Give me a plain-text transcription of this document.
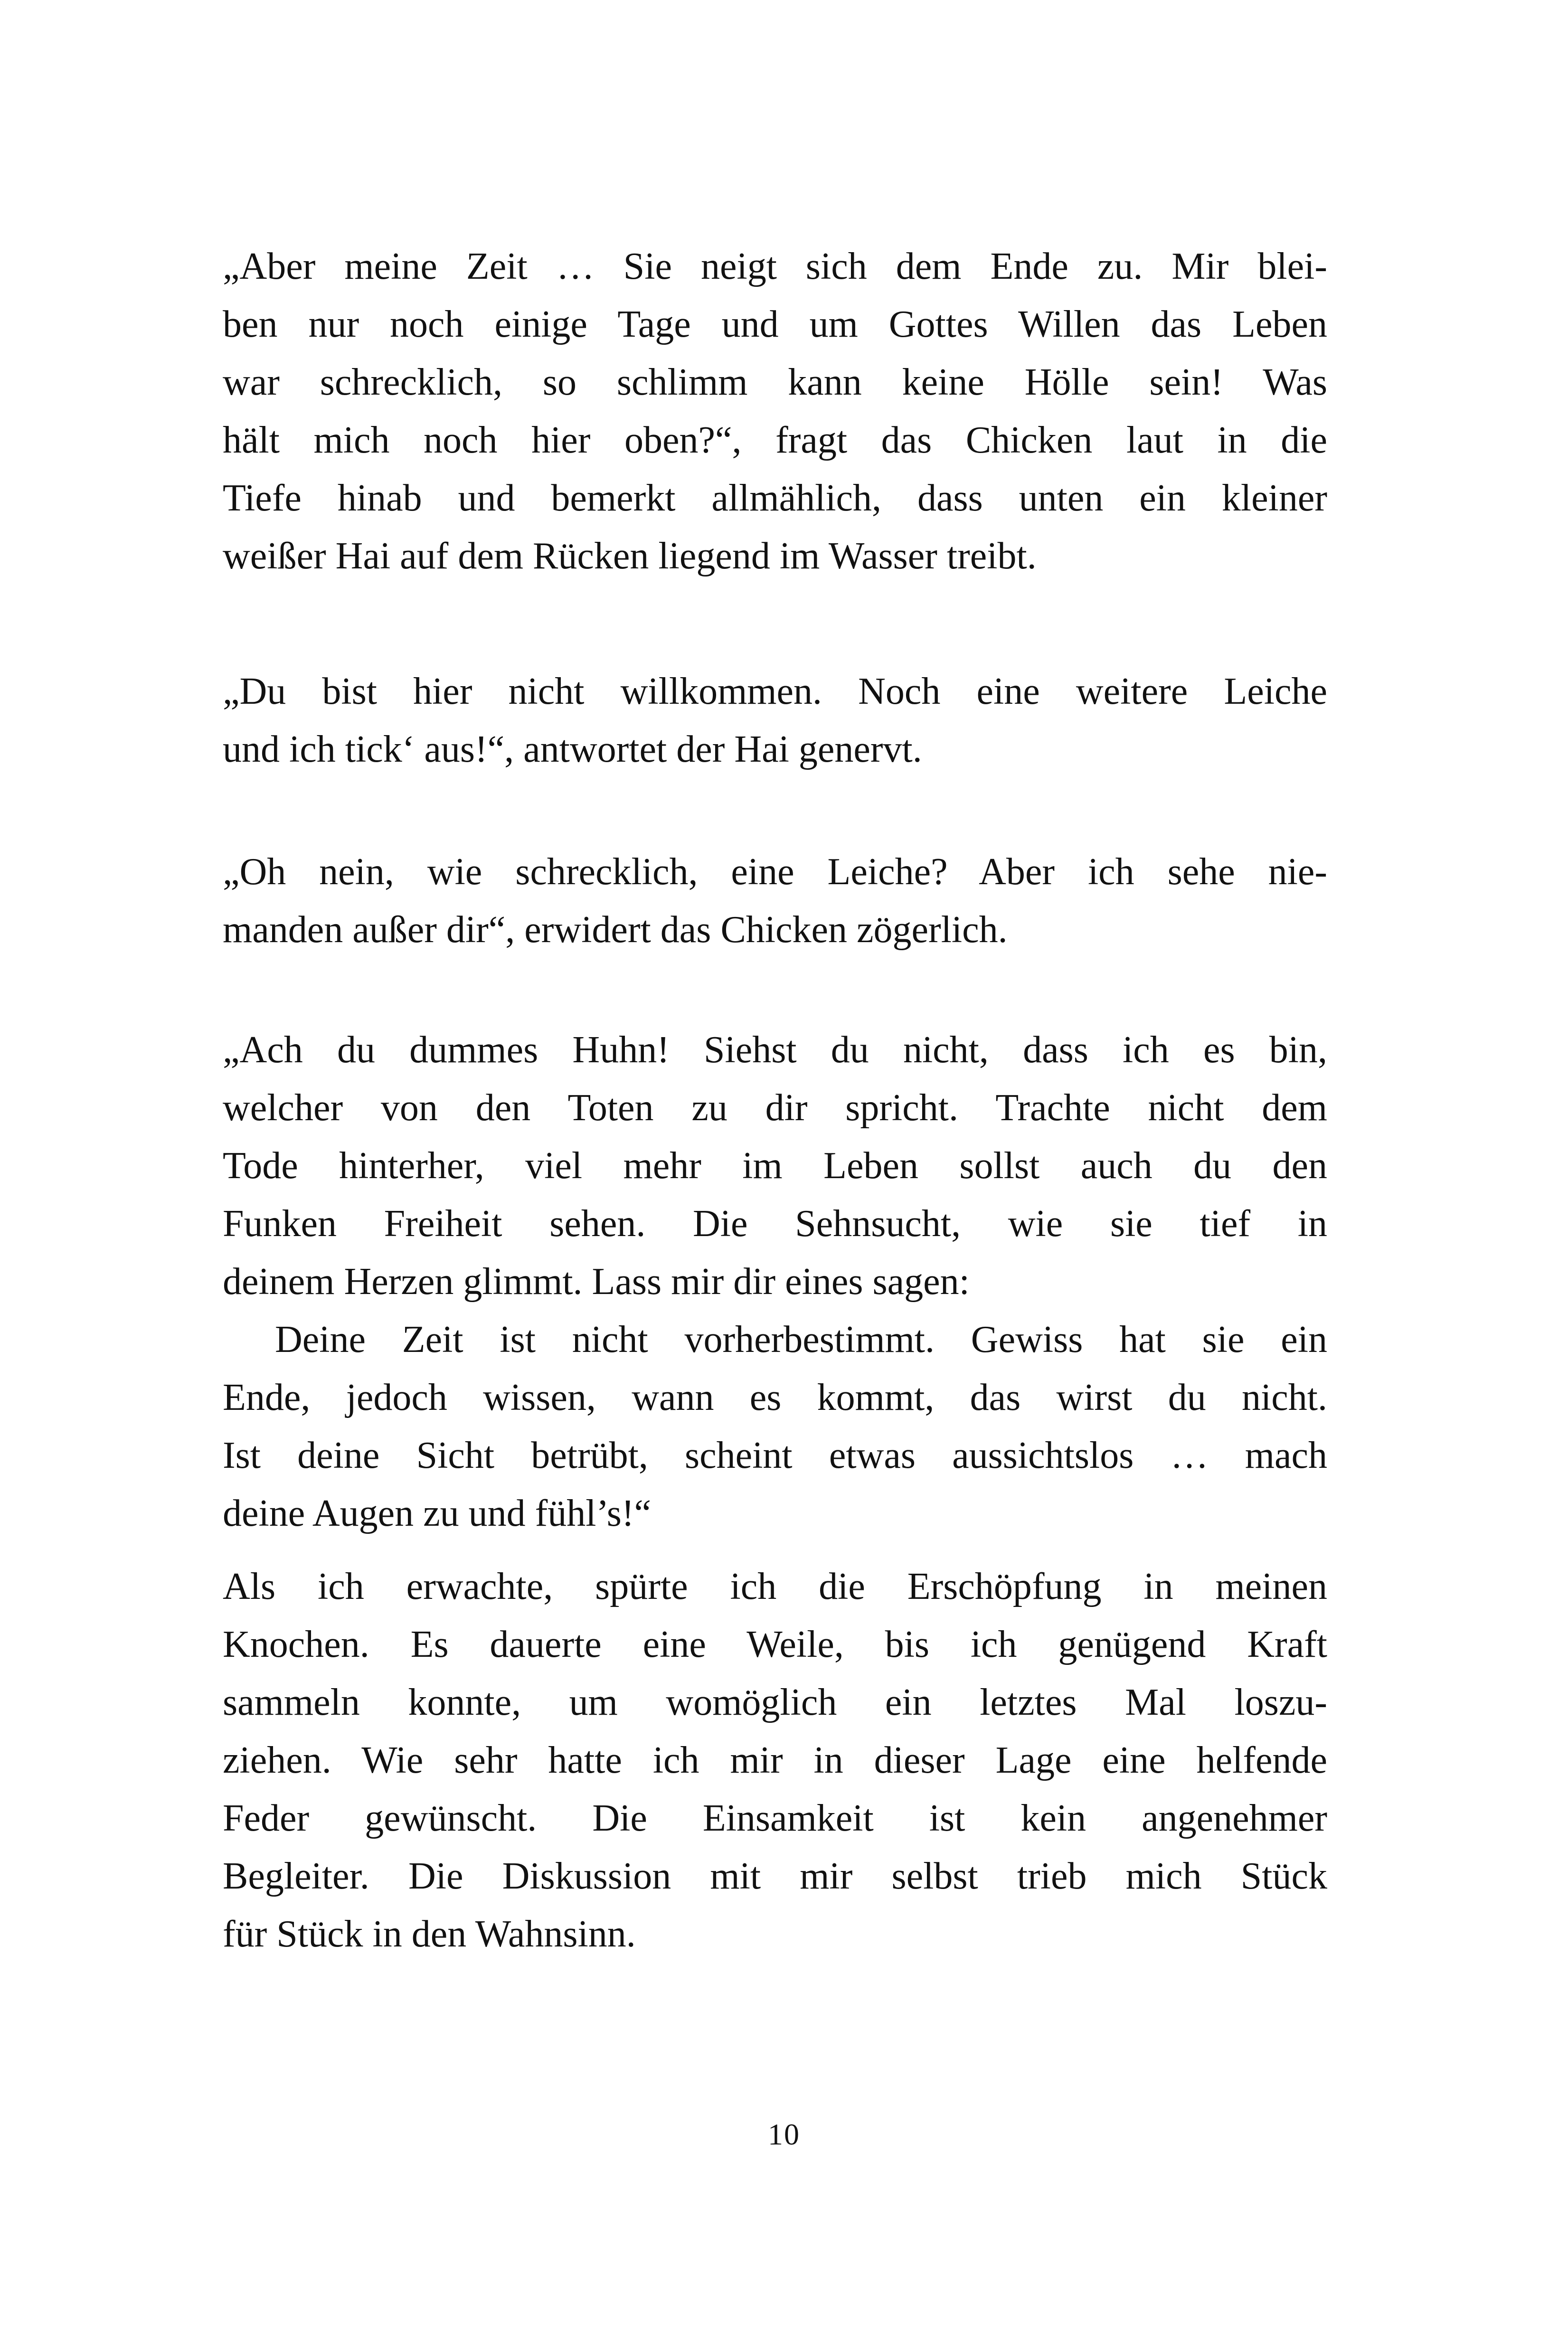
„Aber meine Zeit … Sie neigt sich dem Ende zu. Mir blei-
ben nur noch einige Tage und um Gottes Willen das Leben
war schrecklich, so schlimm kann keine Hölle sein! Was
hält mich noch hier oben?“, fragt das Chicken laut in die
Tiefe hinab und bemerkt allmählich, dass unten ein kleiner
weißer Hai auf dem Rücken liegend im Wasser treibt.
„Du bist hier nicht willkommen. Noch eine weitere Leiche
und ich tick‘ aus!“, antwortet der Hai genervt.
„Oh nein, wie schrecklich, eine Leiche? Aber ich sehe nie-
manden außer dir“, erwidert das Chicken zögerlich.
„Ach du dummes Huhn! Siehst du nicht, dass ich es bin,
welcher von den Toten zu dir spricht. Trachte nicht dem
Tode hinterher, viel mehr im Leben sollst auch du den
Funken Freiheit sehen. Die Sehnsucht, wie sie tief in
deinem Herzen glimmt. Lass mir dir eines sagen:
Deine Zeit ist nicht vorherbestimmt. Gewiss hat sie ein
Ende, jedoch wissen, wann es kommt, das wirst du nicht.
Ist deine Sicht betrübt, scheint etwas aussichtslos … mach
deine Augen zu und fühl’s!“
Als ich erwachte, spürte ich die Erschöpfung in meinen
Knochen. Es dauerte eine Weile, bis ich genügend Kraft
sammeln konnte, um womöglich ein letztes Mal loszu-
ziehen. Wie sehr hatte ich mir in dieser Lage eine helfende
Feder gewünscht. Die Einsamkeit ist kein angenehmer
Begleiter. Die Diskussion mit mir selbst trieb mich Stück
für Stück in den Wahnsinn.
10
